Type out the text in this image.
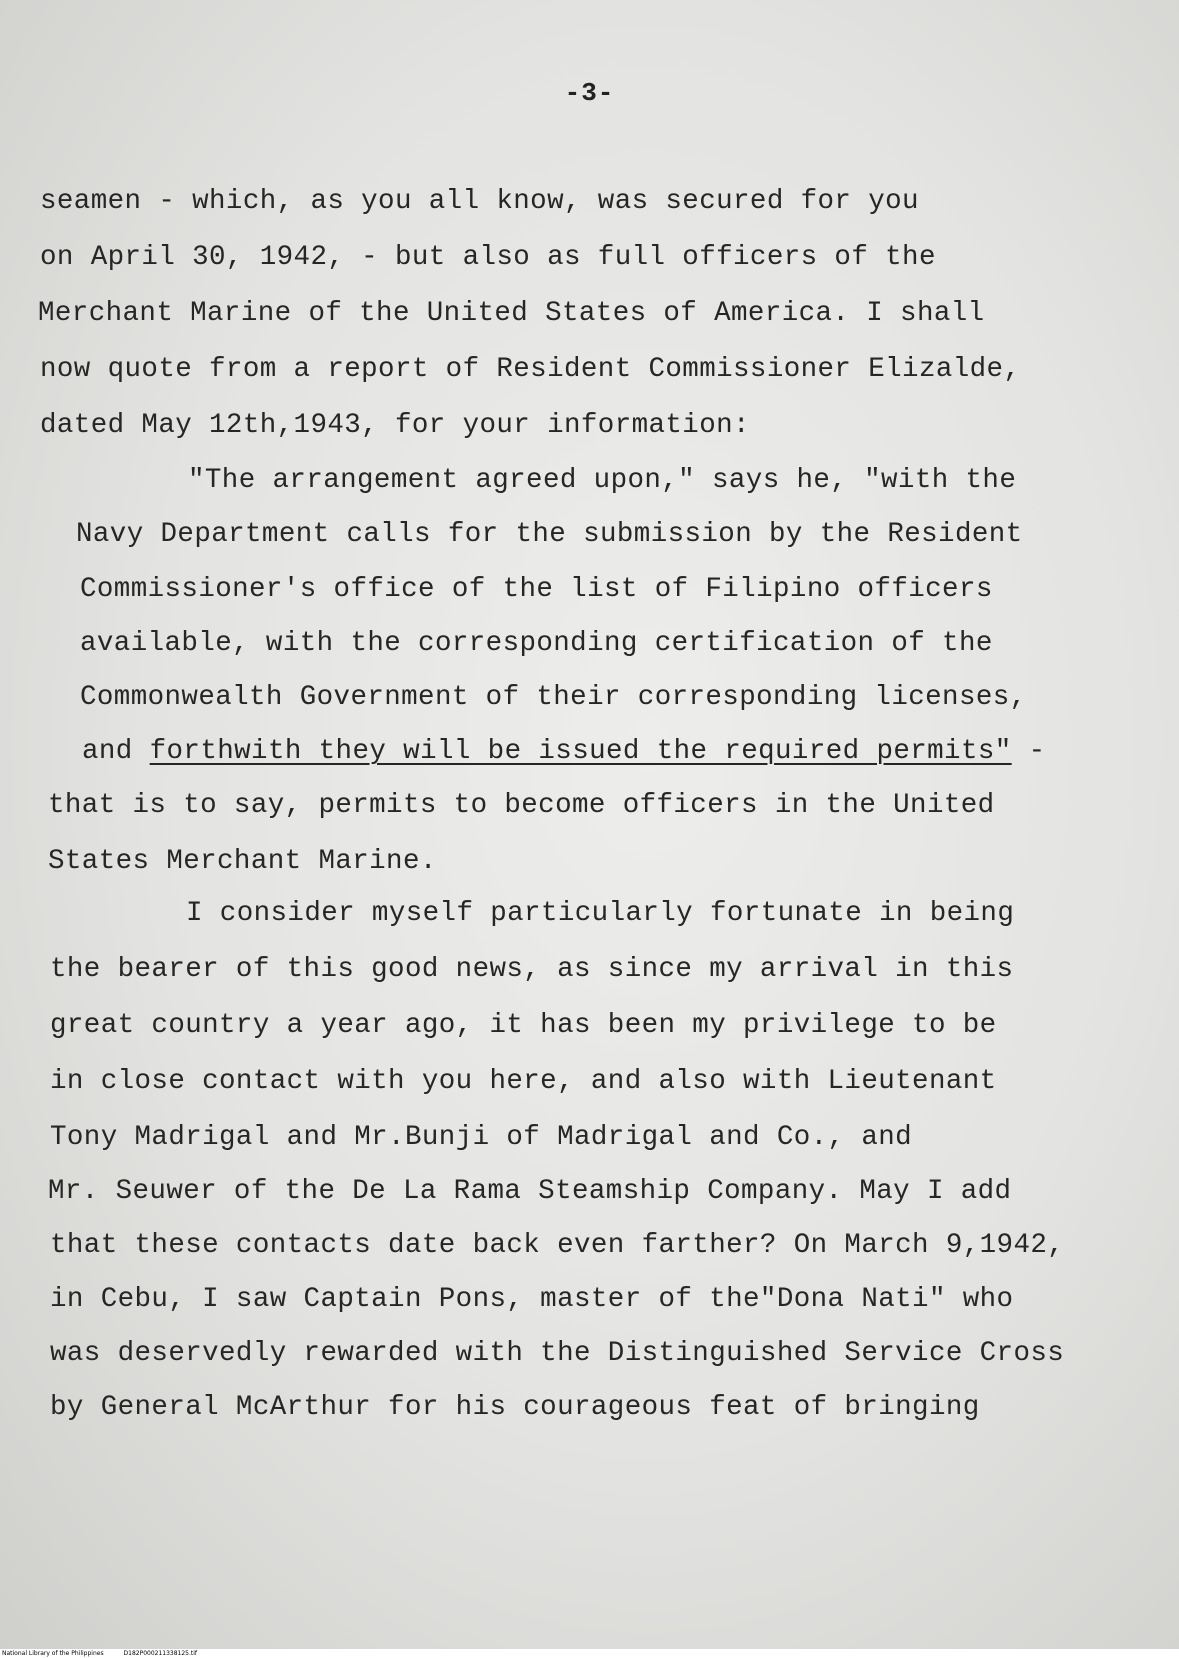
-3-
seamen - which, as you all know, was secured for you
on April 30, 1942, - but also as full officers of the
Merchant Marine of the United States of America. I shall
now quote from a report of Resident Commissioner Elizalde,
dated May 12th,1943, for your information:
"The arrangement agreed upon," says he, "with the
Navy Department calls for the submission by the Resident
Commissioner's office of the list of Filipino officers
available, with the corresponding certification of the
Commonwealth Government of their corresponding licenses,
and forthwith they will be issued the required permits" -
that is to say, permits to become officers in the United
States Merchant Marine.
I consider myself particularly fortunate in being
the bearer of this good news, as since my arrival in this
great country a year ago, it has been my privilege to be
in close contact with you here, and also with Lieutenant
Tony Madrigal and Mr.Bunji of Madrigal and Co., and
Mr. Seuwer of the De La Rama Steamship Company. May I add
that these contacts date back even farther? On March 9,1942,
in Cebu, I saw Captain Pons, master of the"Dona Nati" who
was deservedly rewarded with the Distinguished Service Cross
by General McArthur for his courageous feat of bringing
National Library of the Philippines	D182P000211338125.tif
